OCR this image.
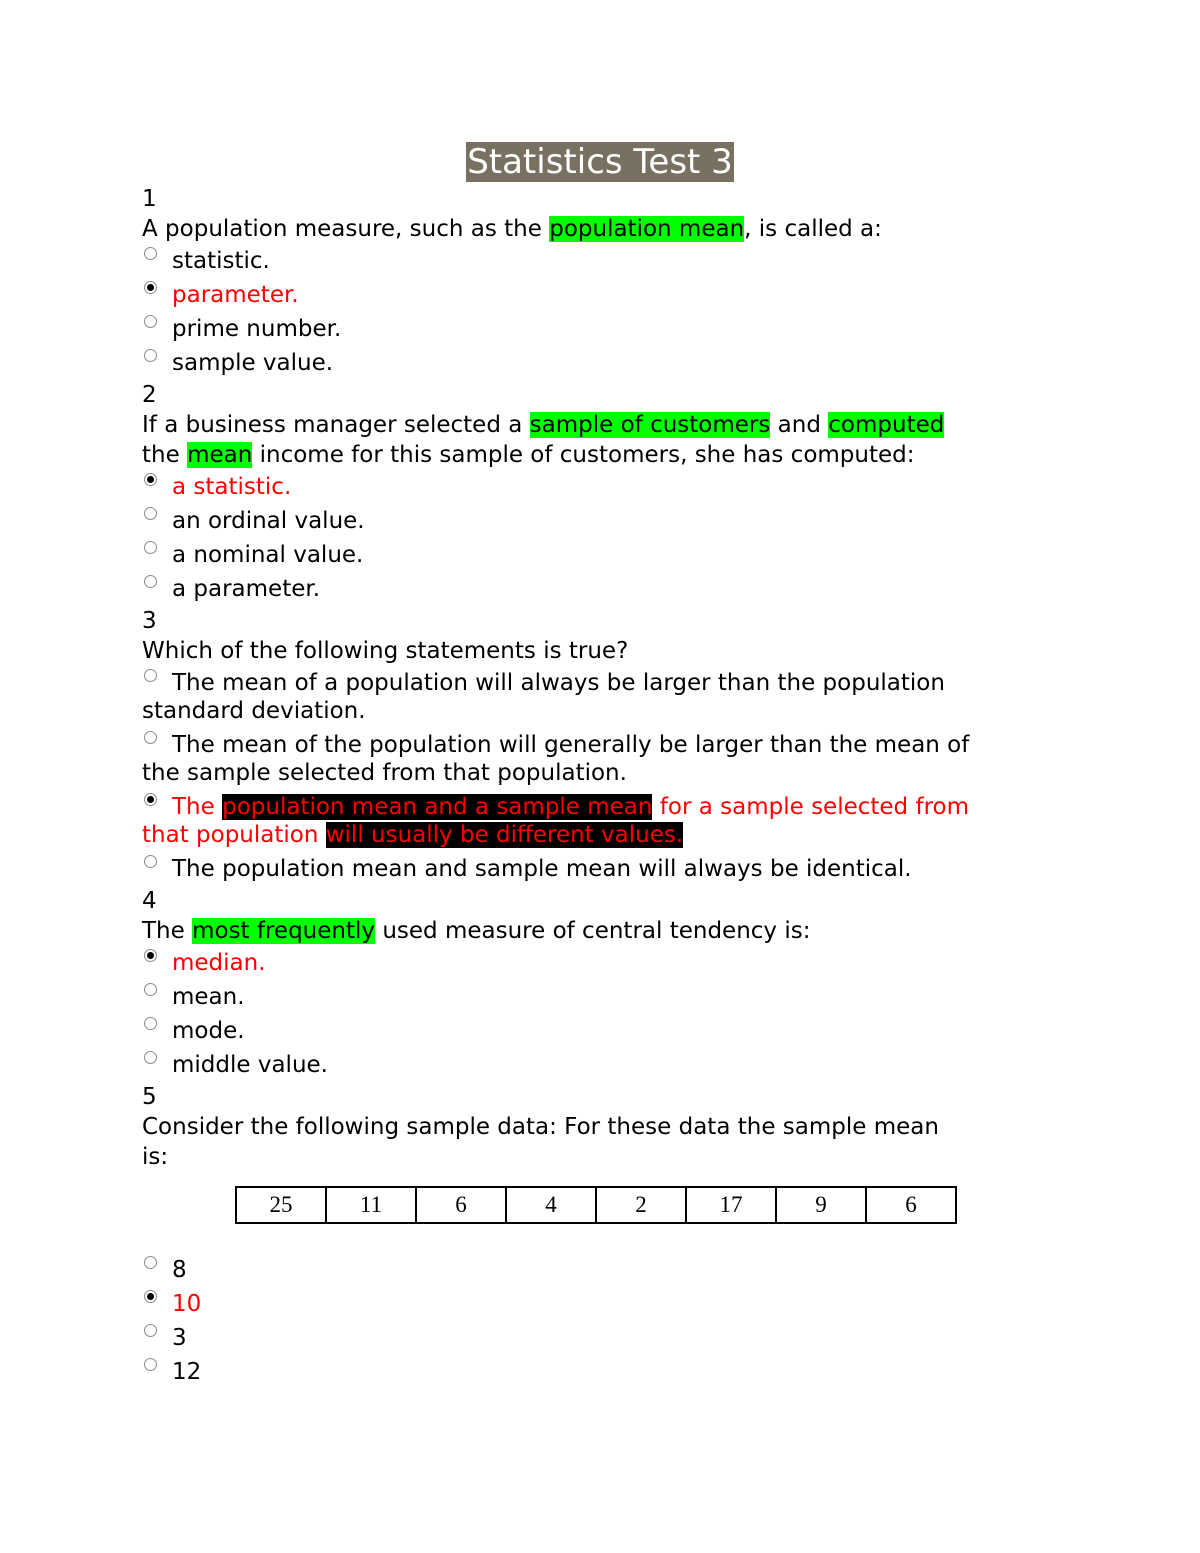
Statistics Test 3
1
A population measure, such as the population mean, is called a:
statistic.
parameter.
prime number.
sample value.
2
If a business manager selected a sample of customers and computed
the mean income for this sample of customers, she has computed:
a statistic.
an ordinal value.
a nominal value.
a parameter.
3
Which of the following statements is true?
The mean of a population will always be larger than the population
standard deviation.
The mean of the population will generally be larger than the mean of
the sample selected from that population.
The population mean and a sample mean for a sample selected from
that population will usually be different values.
The population mean and sample mean will always be identical.
4
The most frequently used measure of central tendency is:
median.
mean.
mode.
middle value.
5
Consider the following sample data: For these data the sample mean
is:
25	11	6	4	2	17	9	6
8
10
3
12
